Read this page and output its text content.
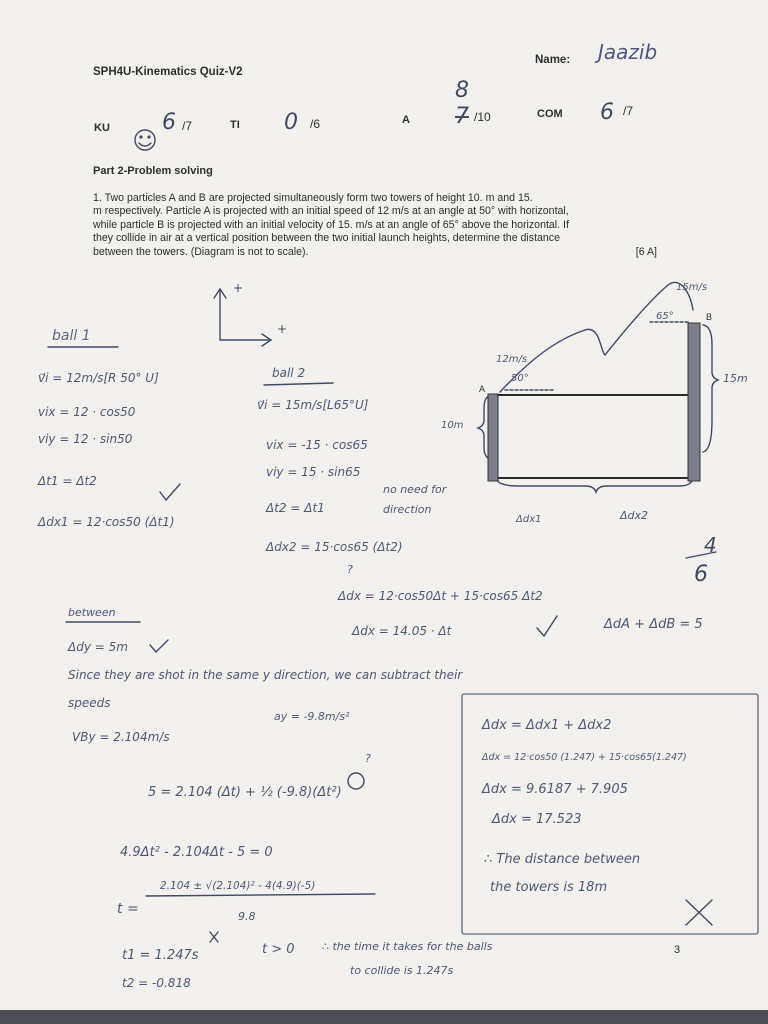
SPH4U-Kinematics Quiz-V2
Name: Jaazib
KU 6 /7	TI 0 /6	A
8
7 /10	COM 6 /7
Part 2-Problem solving
1. Two particles A and B are projected simultaneously form two towers of height 10. m and 15.
m respectively. Particle A is projected with an initial speed of 12 m/s at an angle at 50° with horizontal,
while particle B is projected with an initial velocity of 15. m/s at an angle of 65° above the horizontal. If
they collide in air at a vertical position between the two initial launch heights, determine the distance
between the towers. (Diagram is not to scale).	[6 A]
A
B
12m/s
50°
15m/s
65°
10m
15m
Δdx1	Δdx2
+
+
ball 1
v⃗i = 12m/s[R 50° U]
vix = 12 · cos50
viy = 12 · sin50
Δt1 = Δt2
Δdx1 = 12·cos50 (Δt1)
ball 2
v⃗i = 15m/s[L65°U]
vix = -15 · cos65
viy = 15 · sin65
Δt2 = Δt1
Δdx2 = 15·cos65 (Δt2)
no need for direction
?
Δdx = 12·cos50Δt + 15·cos65 Δt2
Δdx = 14.05 · Δt	ΔdA + ΔdB = 5
4
6
between
Δdy = 5m
Since they are shot in the same y direction, we can subtract their
speeds
VBy = 2.104m/s
ay = -9.8m/s²
?
5 = 2.104 (Δt) + ½ (-9.8)(Δt²)
4.9Δt² - 2.104Δt - 5 = 0
t =
2.104 ± √(2.104)² - 4(4.9)(-5)
9.8
t1 = 1.247s
t2 = -0.818
t > 0 ∴ the time it takes for the balls
to collide is 1.247s
Δdx = Δdx1 + Δdx2
Δdx = 12·cos50 (1.247) + 15·cos65(1.247)
Δdx = 9.6187 + 7.905
Δdx = 17.523
∴ The distance between
the towers is 18m
3
